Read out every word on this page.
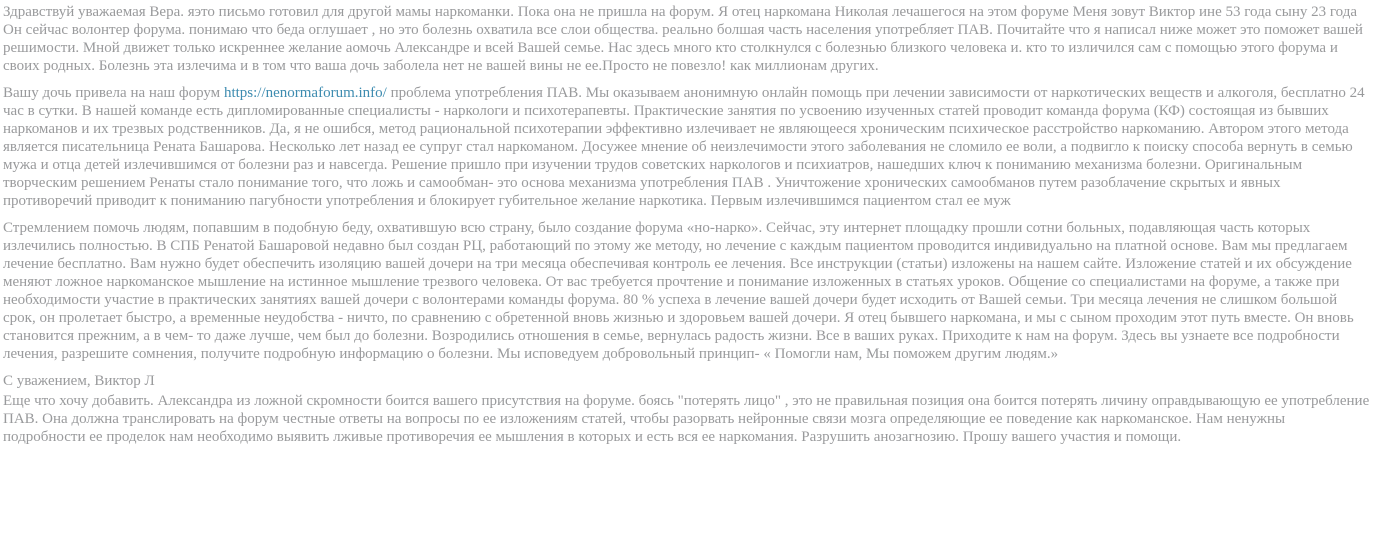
Здравствуй уважаемая Вера. яэто письмо готовил для другой мамы наркоманки. Пока она не пришла на форум. Я отец наркомана Николая лечашегося на этом форуме Меня зовут Виктор ине 53 года сыну 23 года Он сейчас волонтер форума. понимаю что беда оглушает , но это болезнь охватила все слои общества. реально болшая часть населения употребляет ПАВ. Почитайте что я написал ниже может это поможет вашей решимости. Мной движет только искреннее желание аомочь Александре и всей Вашей семье. Нас здесь много кто столкнулся с болезнью близкого человека и. кто то изличился сам с помощью этого форума и своих родных. Болезнь эта излечима и в том что ваша дочь заболела нет не вашей вины не ее.Просто не повезло! как миллионам других.

Вашу дочь привела на наш форум https://nenormaforum.info/ проблема употребления ПАВ. Мы оказываем анонимную онлайн помощь при лечении зависимости от наркотических веществ и алкоголя, бесплатно 24 час в сутки. В нашей команде есть дипломированные специалисты - наркологи и психотерапевты. Практические занятия по усвоению изученных статей проводит команда форума (КФ) состоящая из бывших наркоманов и их трезвых родственников. Да, я не ошибся, метод рациональной психотерапии эффективно излечивает не являющееся хроническим психическое расстройство наркоманию. Автором этого метода является писательница Рената Башарова. Несколько лет назад ее супруг стал наркоманом. Досужее мнение об неизлечимости этого заболевания не сломило ее воли, а подвигло к поиску способа вернуть в семью мужа и отца детей излечившимся от болезни раз и навсегда. Решение пришло при изучении трудов советских наркологов и психиатров, нашедших ключ к пониманию механизма болезни. Оригинальным творческим решением Ренаты стало понимание того, что ложь и самообман- это основа механизма употребления ПАВ . Уничтожение хронических самообманов путем разоблачение скрытых и явных противоречий приводит к пониманию пагубности употребления и блокирует губительное желание наркотика. Первым излечившимся пациентом стал ее муж

Стремлением помочь людям, попавшим в подобную беду, охватившую всю страну, было создание форума «но-нарко». Сейчас, эту интернет площадку прошли сотни больных, подавляющая часть которых излечились полностью. В СПБ Ренатой Башаровой недавно был создан РЦ, работающий по этому же методу, но лечение с каждым пациентом проводится индивидуально на платной основе. Вам мы предлагаем лечение бесплатно. Вам нужно будет обеспечить изоляцию вашей дочери на три месяца обеспечивая контроль ее лечения. Все инструкции (статьи) изложены на нашем сайте. Изложение статей и их обсуждение меняют ложное наркоманское мышление на истинное мышление трезвого человека. От вас требуется прочтение и понимание изложенных в статьях уроков. Общение со специалистами на форуме, а также при необходимости участие в практических занятиях вашей дочери с волонтерами команды форума. 80 % успеха в лечение вашей дочери будет исходить от Вашей семьи. Три месяца лечения не слишком большой срок, он пролетает быстро, а временные неудобства - ничто, по сравнению с обретенной вновь жизнью и здоровьем вашей дочери. Я отец бывшего наркомана, и мы с сыном проходим этот путь вместе. Он вновь становится прежним, а в чем- то даже лучше, чем был до болезни. Возродились отношения в семье, вернулась радость жизни. Все в ваших руках. Приходите к нам на форум. Здесь вы узнаете все подробности лечения, разрешите сомнения, получите подробную информацию о болезни. Мы исповедуем добровольный принцип- « Помогли нам, Мы поможем другим людям.»

С уважением, Виктор Л

Еще что хочу добавить. Александра из ложной скромности боится вашего присутствия на форуме. боясь "потерять лицо" , это не правильная позиция она боится потерять личину оправдывающую ее употребление ПАВ. Она должна транслировать на форум честные ответы на вопросы по ее изложениям статей, чтобы разорвать нейронные связи мозга определяющие ее поведение как наркоманское. Нам ненужны подробности ее проделок нам необходимо выявить лживые противоречия ее мышления в которых и есть вся ее наркомания. Разрушить анозагнозию. Прошу вашего участия и помощи.
